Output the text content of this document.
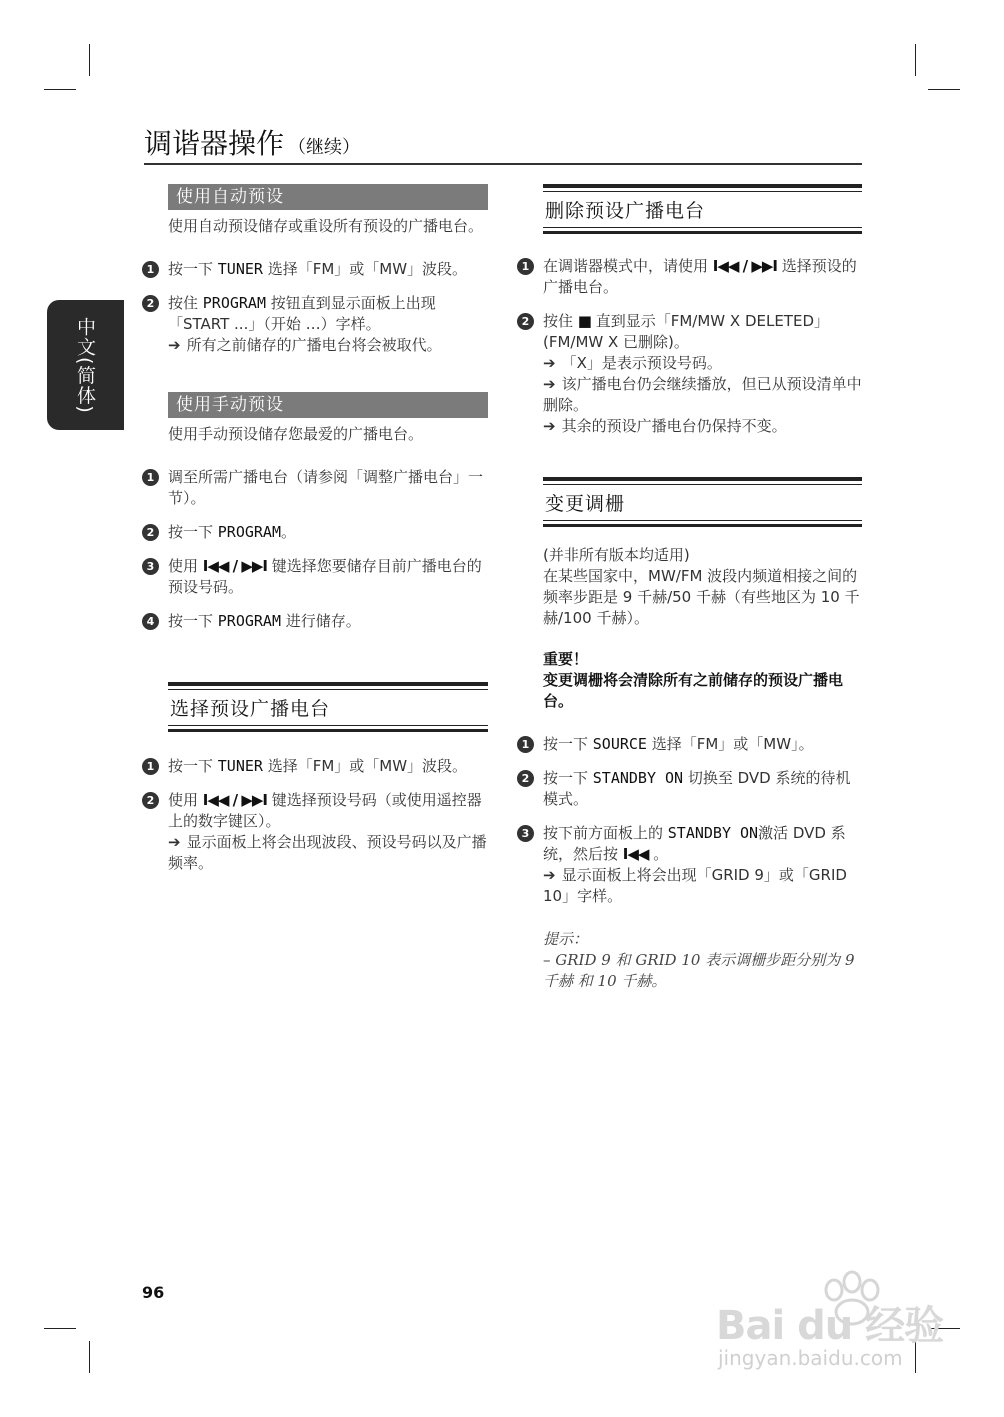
调谐器操作 （继续）
中文(简体)
使用自动预设
使用自动预设储存或重设所有预设的广播电台。
1 按一下 TUNER 选择「FM」或「MW」波段。
2 按住 PROGRAM 按钮直到显示面板上出现「START ...」（开始 …）字样。
➔ 所有之前储存的广播电台将会被取代。
使用手动预设
使用手动预设储存您最爱的广播电台。
1 调至所需广播电台（请参阅「调整广播电台」一节）。
2 按一下 PROGRAM。
3 使用 I◀◀ / ▶▶I 键选择您要储存目前广播电台的预设号码。
4 按一下 PROGRAM 进行储存。
选择预设广播电台
1 按一下 TUNER 选择「FM」或「MW」波段。
2 使用 I◀◀ / ▶▶I 键选择预设号码（或使用遥控器上的数字键区）。
➔ 显示面板上将会出现波段、预设号码以及广播频率。
删除预设广播电台
1 在调谐器模式中，请使用 I◀◀ / ▶▶I 选择预设的广播电台。
2 按住 ■ 直到显示「FM/MW X DELETED」(FM/MW X 已删除)。
➔ 「X」是表示预设号码。
➔ 该广播电台仍会继续播放，但已从预设清单中删除。
➔ 其余的预设广播电台仍保持不变。
变更调栅
(并非所有版本均适用)
在某些国家中，MW/FM 波段内频道相接之间的频率步距是 9 千赫/50 千赫（有些地区为 10 千赫/100 千赫）。
重要！
变更调栅将会清除所有之前储存的预设广播电台。
1 按一下 SOURCE 选择「FM」或「MW」。
2 按一下 STANDBY ON 切换至 DVD 系统的待机模式。
3 按下前方面板上的 STANDBY ON激活 DVD 系统，然后按 I◀◀ 。
➔ 显示面板上将会出现「GRID 9」或「GRID 10」字样。
提示：
– GRID 9 和 GRID 10 表示调栅步距分别为 9 千赫 和 10 千赫。
96
Bai du 经验
jingyan.baidu.com
